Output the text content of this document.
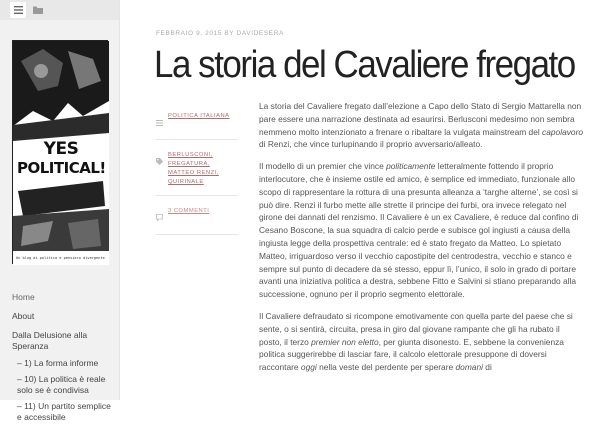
YES
POLITICAL!
Un blog di politica e pensiero divergente
Home
About
Dalla Delusione alla Speranza
– 1) La forma informe
– 10) La politica è reale solo se è condivisa
– 11) Un partito semplice e accessibile
FEBBRAIO 9, 2015 BY DAVIDESERA
La storia del Cavaliere fregato
POLITICA ITALIANA
BERLUSCONI, FREGATURA, MATTEO RENZI, QUIRINALE
3 COMMENTI

La storia del Cavaliere fregato dall’elezione a Capo dello Stato di Sergio Mattarella non pare essere una narrazione destinata ad esaurirsi. Berlusconi medesimo non sembra nemmeno molto intenzionato a frenare o ribaltare la vulgata mainstream del capolavoro di Renzi, che vince turlupinando il proprio avversario/alleato.

Il modello di un premier che vince politicamente letteralmente fottendo il proprio interlocutore, che è insieme ostile ed amico, è semplice ed immediato, funzionale allo scopo di rappresentare la rottura di una presunta alleanza a ‘targhe alterne’, se così si può dire. Renzi il furbo mette alle strette il principe dei furbi, ora invece relegato nel girone dei dannati del renzismo. Il Cavaliere è un ex Cavaliere, è reduce dal confino di Cesano Boscone, la sua squadra di calcio perde e subisce gol ingiusti a causa della ingiusta legge della prospettiva centrale: ed è stato fregato da Matteo. Lo spietato Matteo, irriguardoso verso il vecchio capostipite del centrodestra, vecchio e stanco e sempre sul punto di decadere da sé stesso, eppur lì, l’unico, il solo in grado di portare avanti una iniziativa politica a destra, sebbene Fitto e Salvini si stiano preparando alla successione, ognuno per il proprio segmento elettorale.

Il Cavaliere defraudato si ricompone emotivamente con quella parte del paese che si sente, o si sentirà, circuita, presa in giro dal giovane rampante che gli ha rubato il posto, il terzo premier non eletto, per giunta disonesto. E, sebbene la convenienza politica suggerirebbe di lasciar fare, il calcolo elettorale presuppone di doversi raccontare oggi nella veste del perdente per sperare domani di
